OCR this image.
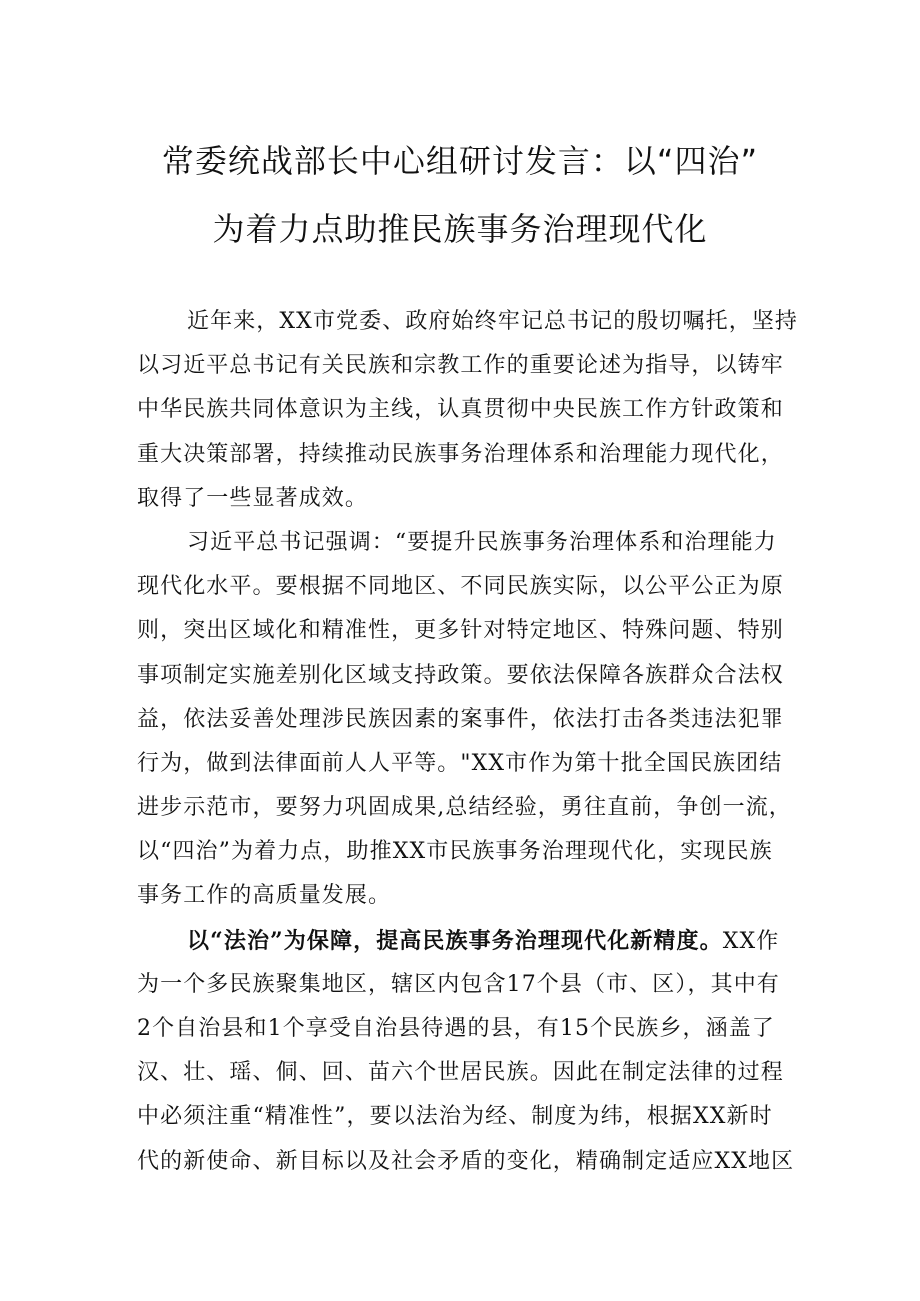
常委统战部长中心组研讨发言：以“四治”
为着力点助推民族事务治理现代化
近年来，XX市党委、政府始终牢记总书记的殷切嘱托，坚持
以习近平总书记有关民族和宗教工作的重要论述为指导，以铸牢
中华民族共同体意识为主线，认真贯彻中央民族工作方针政策和
重大决策部署，持续推动民族事务治理体系和治理能力现代化，
取得了一些显著成效。
习近平总书记强调：“要提升民族事务治理体系和治理能力
现代化水平。要根据不同地区、不同民族实际，以公平公正为原
则，突出区域化和精准性，更多针对特定地区、特殊问题、特别
事项制定实施差别化区域支持政策。要依法保障各族群众合法权
益，依法妥善处理涉民族因素的案事件，依法打击各类违法犯罪
行为，做到法律面前人人平等。"XX市作为第十批全国民族团结
进步示范市，要努力巩固成果,总结经验，勇往直前，争创一流，
以“四治”为着力点，助推XX市民族事务治理现代化，实现民族
事务工作的高质量发展。
以“法治”为保障，提高民族事务治理现代化新精度。XX作
为一个多民族聚集地区，辖区内包含17个县（市、区），其中有
2个自治县和1个享受自治县待遇的县，有15个民族乡，涵盖了
汉、壮、瑶、侗、回、苗六个世居民族。因此在制定法律的过程
中必须注重“精准性”，要以法治为经、制度为纬，根据XX新时
代的新使命、新目标以及社会矛盾的变化，精确制定适应XX地区
